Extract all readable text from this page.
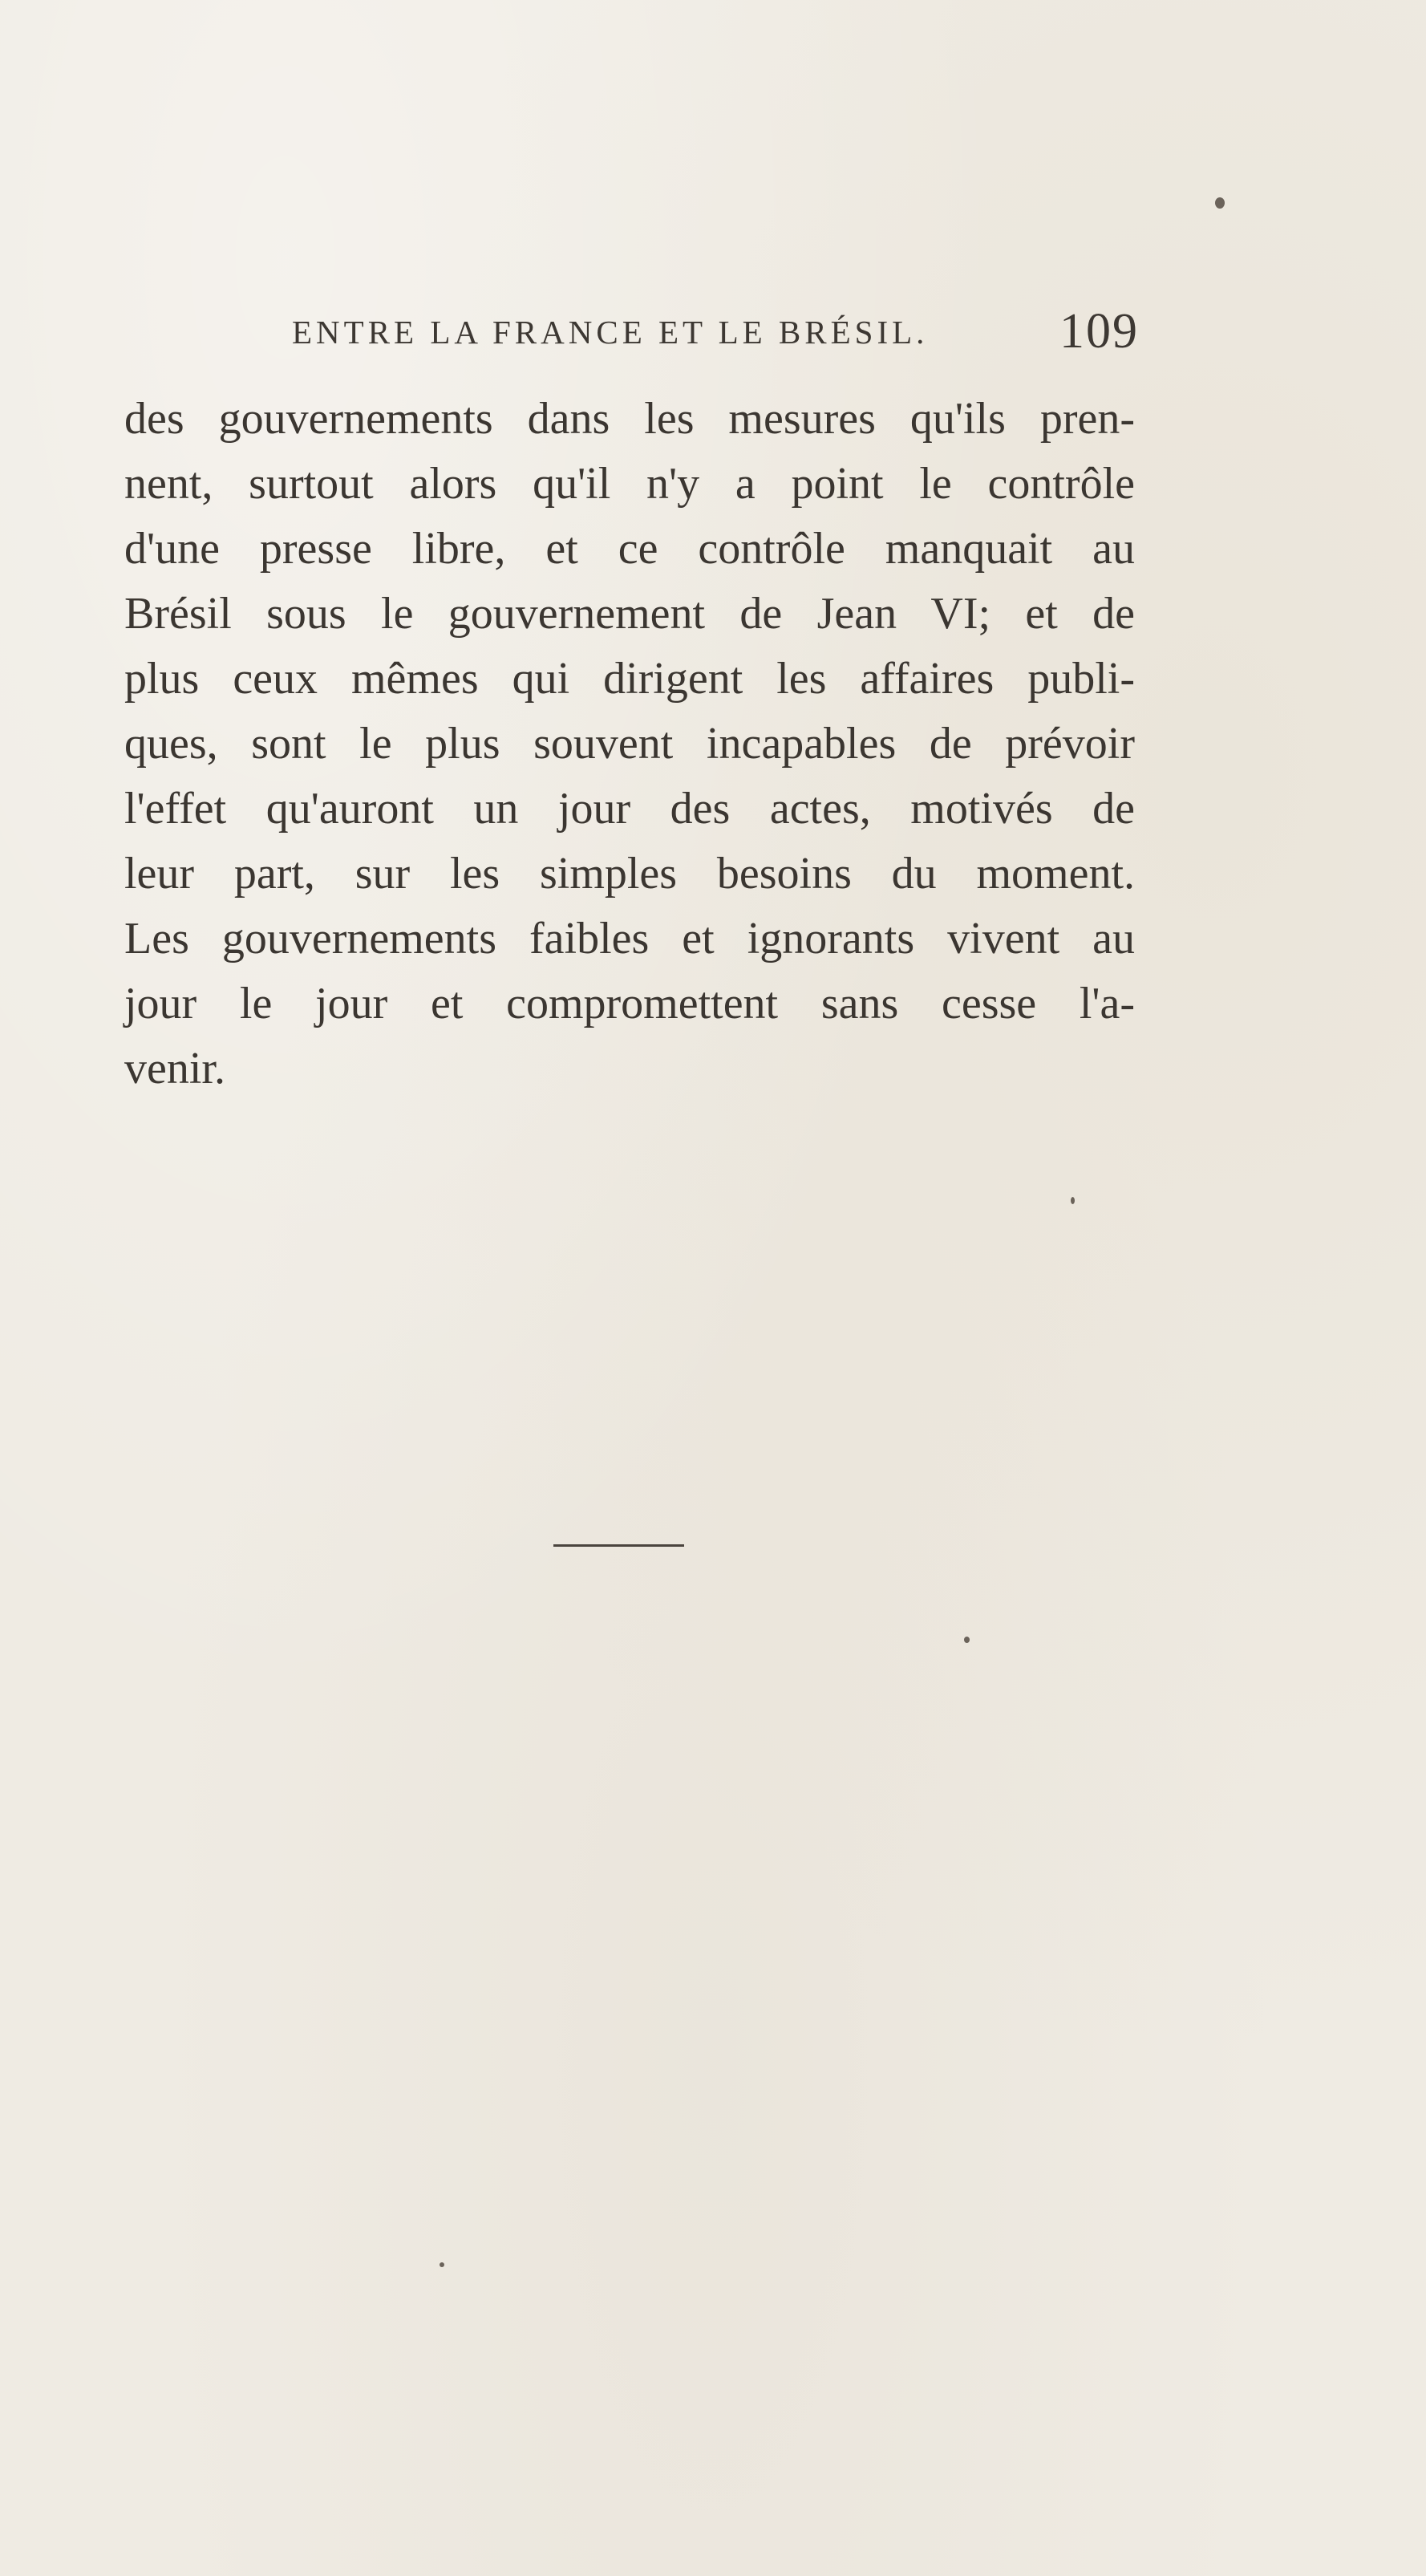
ENTRE LA FRANCE ET LE BRÉSIL.	109
des gouvernements dans les mesures qu'ils pren-
nent, surtout alors qu'il n'y a point le contrôle
d'une presse libre, et ce contrôle manquait au
Brésil sous le gouvernement de Jean VI; et de
plus ceux mêmes qui dirigent les affaires publi-
ques, sont le plus souvent incapables de prévoir
l'effet qu'auront un jour des actes, motivés de
leur part, sur les simples besoins du moment.
Les gouvernements faibles et ignorants vivent au
jour le jour et compromettent sans cesse l'a-
venir.
